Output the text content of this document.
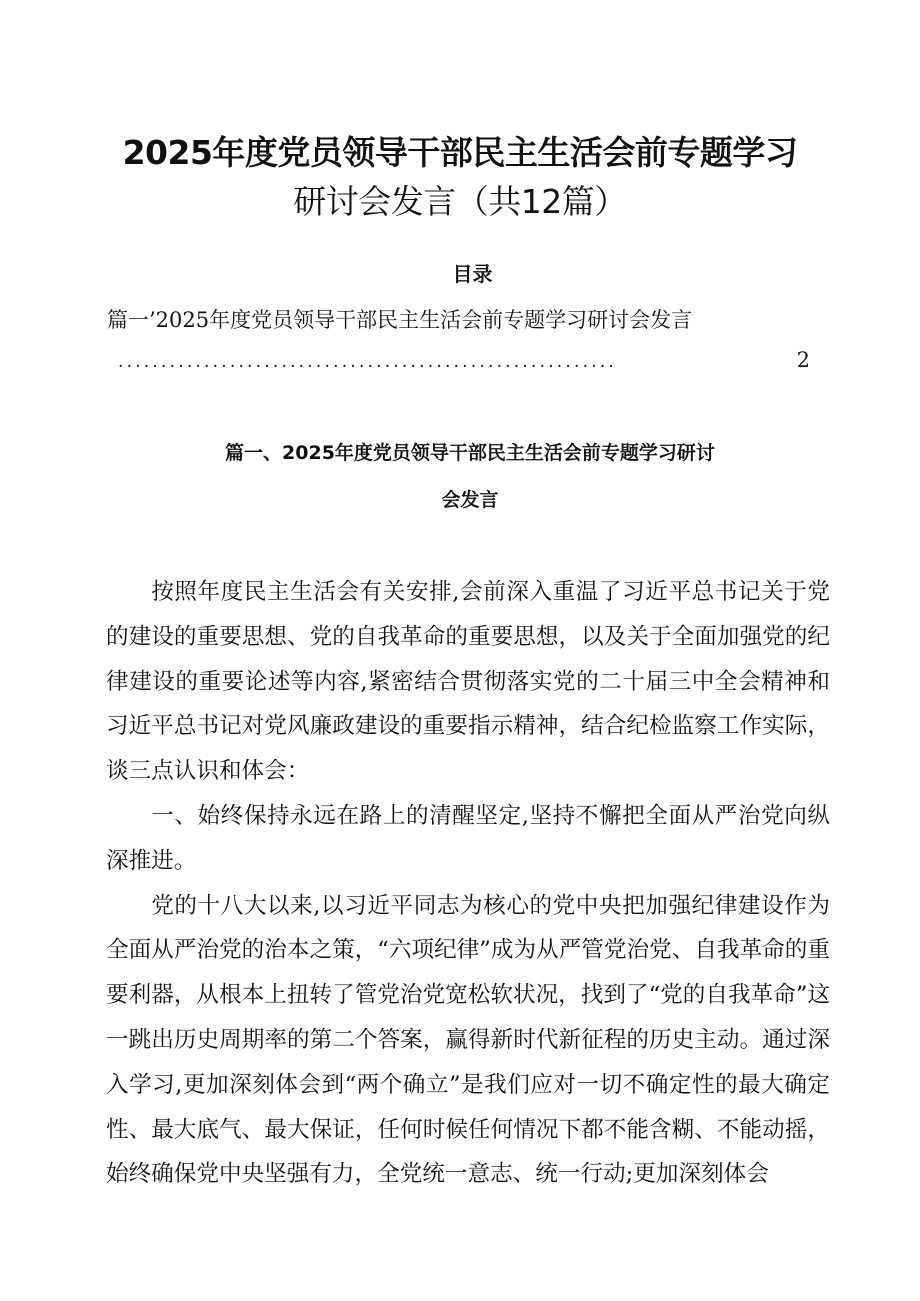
2025年度党员领导干部民主生活会前专题学习
研讨会发言（共12篇）
目录
篇一’2025年度党员领导干部民主生活会前专题学习研讨会发言
..........................................................	2
篇一、2025年度党员领导干部民主生活会前专题学习研讨
会发言

按照年度民主生活会有关安排,会前深入重温了习近平总书记关于党的建设的重要思想、党的自我革命的重要思想，以及关于全面加强党的纪律建设的重要论述等内容,紧密结合贯彻落实党的二十届三中全会精神和习近平总书记对党风廉政建设的重要指示精神，结合纪检监察工作实际，谈三点认识和体会：

一、始终保持永远在路上的清醒坚定,坚持不懈把全面从严治党向纵深推进。

党的十八大以来,以习近平同志为核心的党中央把加强纪律建设作为全面从严治党的治本之策，“六项纪律”成为从严管党治党、自我革命的重要利器，从根本上扭转了管党治党宽松软状况，找到了“党的自我革命”这一跳出历史周期率的第二个答案，赢得新时代新征程的历史主动。通过深入学习,更加深刻体会到“两个确立”是我们应对一切不确定性的最大确定性、最大底气、最大保证，任何时候任何情况下都不能含糊、不能动摇，始终确保党中央坚强有力，全党统一意志、统一行动;更加深刻体会
